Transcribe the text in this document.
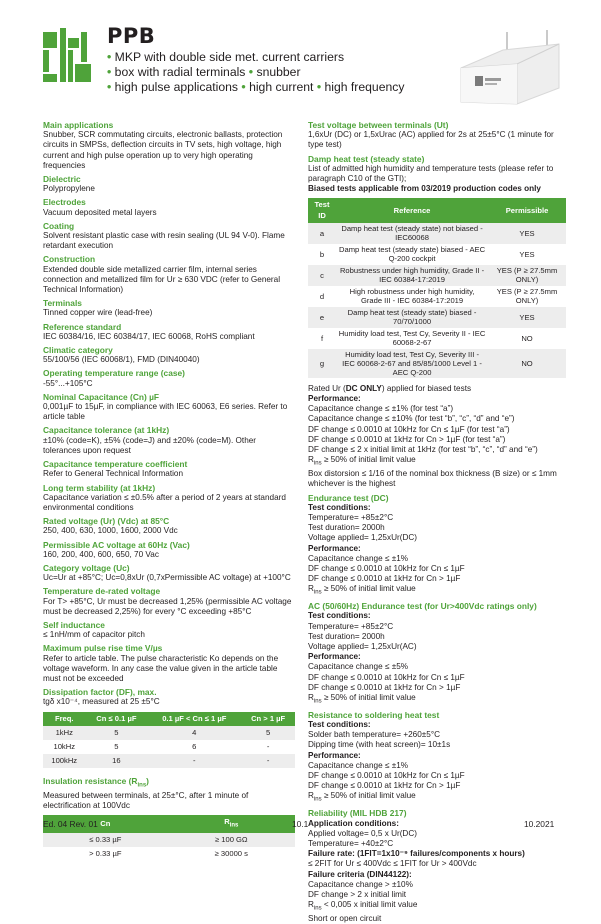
PPB
• MKP with double side met. current carriers
• box with radial terminals • snubber
• high pulse applications • high current • high frequency
Main applications

Snubber, SCR commutating circuits, electronic ballasts, protection circuits in SMPSs, deflection circuits in TV sets, high voltage, high current and high pulse operation up to very high operating frequencies

Dielectric

Polypropylene

Electrodes

Vacuum deposited metal layers

Coating

Solvent resistant plastic case with resin sealing (UL 94 V-0). Flame retardant execution

Construction

Extended double side metallized carrier film, internal series connection and metallized film for Ur ≥ 630 VDC (refer to General Technical Information)

Terminals

Tinned copper wire (lead-free)

Reference standard

IEC 60384/16, IEC 60384/17, IEC 60068, RoHS compliant

Climatic category

55/100/56 (IEC 60068/1), FMD (DIN40040)

Operating temperature range (case)

-55°...+105°C

Nominal Capacitance (Cn) µF

0,001µF to 15µF, in compliance with IEC 60063, E6 series. Refer to article table

Capacitance tolerance (at 1kHz)

±10% (code=K), ±5% (code=J) and ±20% (code=M). Other tolerances upon request

Capacitance temperature coefficient

Refer to General Technical Information

Long term stability (at 1kHz)

Capacitance variation ≤ ±0.5% after a period of 2 years at standard environmental conditions

Rated voltage (Ur) (Vdc) at 85°C

250, 400, 630, 1000, 1600, 2000 Vdc

Permissible AC voltage at 60Hz (Vac)

160, 200, 400, 600, 650, 70 Vac

Category voltage (Uc)

Uc=Ur at +85°C; Uc=0,8xUr (0,7xPermissible AC voltage) at +100°C

Temperature de-rated voltage

For T> +85°C, Ur must be decreased 1,25% (permissible AC voltage must be decreased 2,25%) for every °C exceeding +85°C

Self inductance

≤ 1nH/mm of capacitor pitch

Maximum pulse rise time V/µs

Refer to article table. The pulse characteristic Ko depends on the voltage waveform. In any case the value given in the article table must not be exceeded

Dissipation factor (DF), max.

tgδ x10⁻⁴, measured at 25 ±5°C

Freq.	Cn ≤ 0.1 µF	0.1 µF < Cn ≤ 1 µF	Cn > 1 µF
1kHz	5	4	5
10kHz	5	6	-
100kHz	16	-	-
Insulation resistance $(R_{ins})$

Measured between terminals, at 25±°C, after 1 minute of electrification at 100Vdc

Cn	$R_{ins}$
≤ 0.33 µF	≥ 100 GΩ
> 0.33 µF	≥ 30000 s
Test voltage between terminals (Ut)

1,6xUr (DC) or 1,5xUrac (AC) applied for 2s at 25±5°C (1 minute for type test)

Damp heat test (steady state)

List of admitted high humidity and temperature tests (please refer to paragraph C10 of the GTI);

Biased tests applicable from 03/2019 production codes only

Test ID	Reference	Permissible
a	Damp heat test (steady state) not biased - IEC60068	YES
b	Damp heat test (steady state) biased - AEC Q-200 cockpit	YES
c	Robustness under high humidity, Grade II - IEC 60384-17:2019	YES (P ≥ 27.5mm ONLY)
d	High robustness under high humidity, Grade III - IEC 60384-17:2019	YES (P ≥ 27.5mm ONLY)
e	Damp heat test (steady state) biased - 70/70/1000	YES
f	Humidity load test, Test Cy, Severity II - IEC 60068-2-67	NO
g	Humidity load test, Test Cy, Severity III - IEC 60068-2-67 and 85/85/1000 Level 1 - AEC Q-200	NO

Rated Ur (DC ONLY) applied for biased tests

Performance:

Capacitance change ≤ ±1% (for test “a”)

Capacitance change ≤ ±10% (for test “b”, “c”, “d” and “e”)

DF change ≤ 0.0010 at 10kHz for Cn ≤ 1µF (for test “a”)

DF change ≤ 0.0010 at 1kHz for Cn > 1µF (for test “a”)

DF change ≤ 2 x initial limit at 1kHz (for test “b”, “c”, “d” and “e”)

$R_{ins} \ge 50\%$ of initial limit value

Box distorsion ≤ 1/16 of the nominal box thickness (B size) or ≤ 1mm whichever is the highest

Endurance test (DC)

Test conditions:

Temperature= +85±2°C

Test duration= 2000h

Voltage applied= 1,25xUr(DC)

Performance:

Capacitance change ≤ ±1%

DF change ≤ 0.0010 at 10kHz for Cn ≤ 1µF

DF change ≤ 0.0010 at 1kHz for Cn > 1µF

$R_{ins} \ge 50\%$ of initial limit value

AC (50/60Hz) Endurance test (for Ur>400Vdc ratings only)

Test conditions:

Temperature= +85±2°C

Test duration= 2000h

Voltage applied= 1,25xUr(AC)

Performance:

Capacitance change ≤ ±5%

DF change ≤ 0.0010 at 10kHz for Cn ≤ 1µF

DF change ≤ 0.0010 at 1kHz for Cn > 1µF

$R_{ins} \ge 50\%$ of initial limit value

Resistance to soldering heat test

Test conditions:

Solder bath temperature= +260±5°C

Dipping time (with heat screen)= 10±1s

Performance:

Capacitance change ≤ ±1%

DF change ≤ 0.0010 at 10kHz for Cn ≤ 1µF

DF change ≤ 0.0010 at 1kHz for Cn > 1µF

$R_{ins} \ge 50\%$ of initial limit value

Reliability (MIL HDB 217)

Application conditions:

Applied voltage= 0,5 x Ur(DC)

Temperature= +40±2°C

Failure rate: (1FIT=1x10⁻⁹ failures/components x hours)

≤ 2FIT for Ur ≤ 400Vdc ≤ 1FIT for Ur > 400Vdc

Failure criteria (DIN44122):

Capacitance change > ±10%

DF change > 2 x initial limit

$R_{ins} < 0,005$ x initial limit value

Short or open circuit

Ed. 04 Rev. 01	10.1	10.2021
